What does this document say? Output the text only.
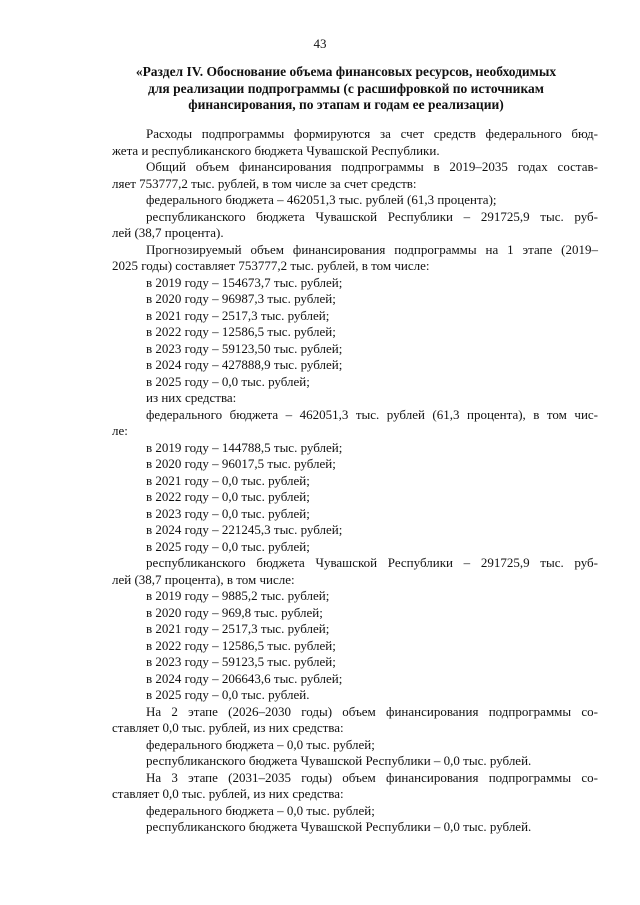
43
«Раздел IV. Обоснование объема финансовых ресурсов, необходимых
для реализации подпрограммы (с расшифровкой по источникам
финансирования, по этапам и годам ее реализации)
Расходы подпрограммы формируются за счет средств федерального бюд-
жета и республиканского бюджета Чувашской Республики.
Общий объем финансирования подпрограммы в 2019–2035 годах состав-
ляет 753777,2 тыс. рублей, в том числе за счет средств:
федерального бюджета – 462051,3 тыс. рублей (61,3 процента);
республиканского бюджета Чувашской Республики – 291725,9 тыс. руб-
лей (38,7 процента).
Прогнозируемый объем финансирования подпрограммы на 1 этапе (2019–
2025 годы) составляет 753777,2 тыс. рублей, в том числе:
в 2019 году – 154673,7 тыс. рублей;
в 2020 году – 96987,3 тыс. рублей;
в 2021 году – 2517,3 тыс. рублей;
в 2022 году – 12586,5 тыс. рублей;
в 2023 году – 59123,50 тыс. рублей;
в 2024 году – 427888,9 тыс. рублей;
в 2025 году – 0,0 тыс. рублей;
из них средства:
федерального бюджета – 462051,3 тыс. рублей (61,3 процента), в том чис-
ле:
в 2019 году – 144788,5 тыс. рублей;
в 2020 году – 96017,5 тыс. рублей;
в 2021 году – 0,0 тыс. рублей;
в 2022 году – 0,0 тыс. рублей;
в 2023 году – 0,0 тыс. рублей;
в 2024 году – 221245,3 тыс. рублей;
в 2025 году – 0,0 тыс. рублей;
республиканского бюджета Чувашской Республики – 291725,9 тыс. руб-
лей (38,7 процента), в том числе:
в 2019 году – 9885,2 тыс. рублей;
в 2020 году – 969,8 тыс. рублей;
в 2021 году – 2517,3 тыс. рублей;
в 2022 году – 12586,5 тыс. рублей;
в 2023 году – 59123,5 тыс. рублей;
в 2024 году – 206643,6 тыс. рублей;
в 2025 году – 0,0 тыс. рублей.
На 2 этапе (2026–2030 годы) объем финансирования подпрограммы со-
ставляет 0,0 тыс. рублей, из них средства:
федерального бюджета – 0,0 тыс. рублей;
республиканского бюджета Чувашской Республики – 0,0 тыс. рублей.
На 3 этапе (2031–2035 годы) объем финансирования подпрограммы со-
ставляет 0,0 тыс. рублей, из них средства:
федерального бюджета – 0,0 тыс. рублей;
республиканского бюджета Чувашской Республики – 0,0 тыс. рублей.
